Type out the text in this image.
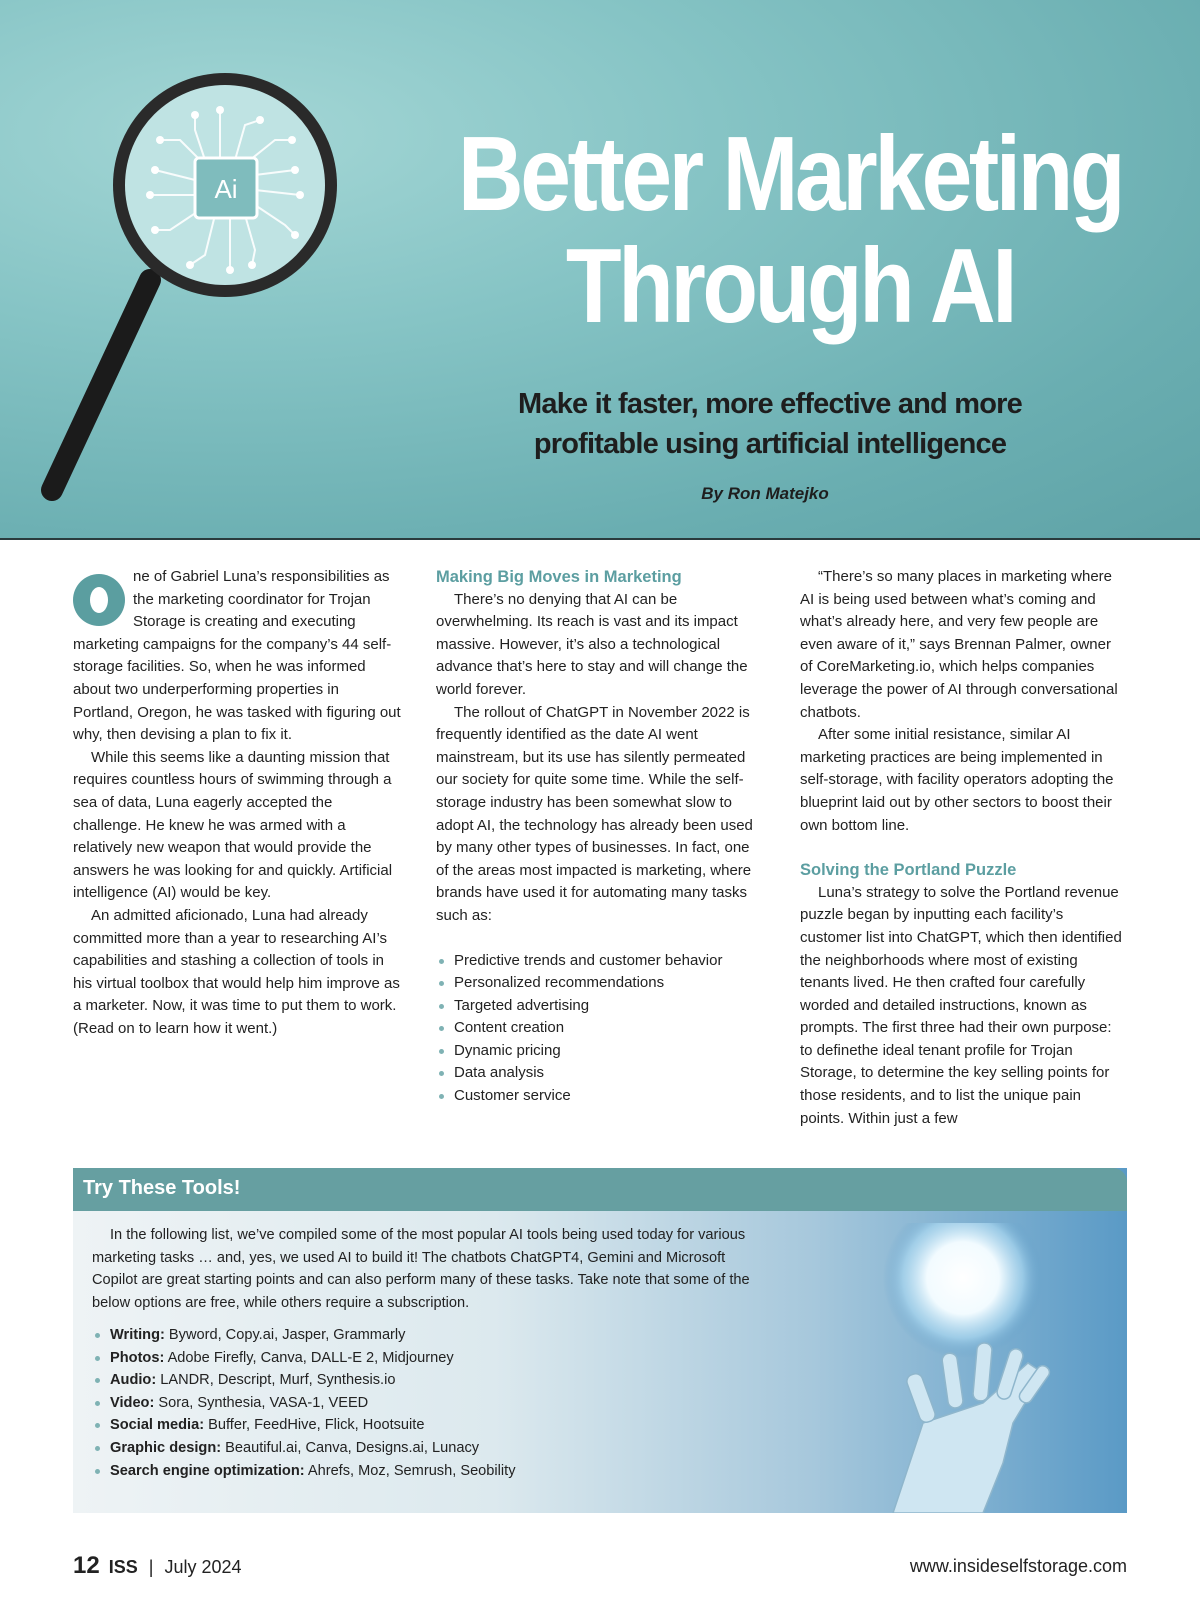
Ai Better Marketing
Through AI
Make it faster, more effective and more
profitable using artificial intelligence
By Ron Matejko

ne of Gabriel Luna’s responsibilities as the marketing coordinator for Trojan Storage is creating and executing marketing campaigns for the company’s 44 self-storage facilities. So, when he was informed about two underperforming properties in Portland, Oregon, he was tasked with figuring out why, then devising a plan to fix it.

While this seems like a daunting mission that requires countless hours of swimming through a sea of data, Luna eagerly accepted the challenge. He knew he was armed with a relatively new weapon that would provide the answers he was looking for and quickly. Artificial intelligence (AI) would be key.

An admitted aficionado, Luna had already committed more than a year to researching AI’s capabilities and stashing a collection of tools in his virtual toolbox that would help him improve as a marketer. Now, it was time to put them to work. (Read on to learn how it went.)

Making Big Moves in Marketing

There’s no denying that AI can be overwhelming. Its reach is vast and its impact massive. However, it’s also a technological advance that’s here to stay and will change the world forever.

The rollout of ChatGPT in November 2022 is frequently identified as the date AI went mainstream, but its use has silently permeated our society for quite some time. While the self-storage industry has been somewhat slow to adopt AI, the technology has already been used by many other types of businesses. In fact, one of the areas most impacted is marketing, where brands have used it for automating many tasks such as:

Predictive trends and customer behavior
Personalized recommendations
Targeted advertising
Content creation
Dynamic pricing
Data analysis
Customer service

“There’s so many places in marketing where AI is being used between what’s coming and what’s already here, and very few people are even aware of it,” says Brennan Palmer, owner of CoreMarketing.io, which helps companies leverage the power of AI through conversational chatbots.

After some initial resistance, similar AI marketing practices are being implemented in self-storage, with facility operators adopting the blueprint laid out by other sectors to boost their own bottom line.

Solving the Portland Puzzle

Luna’s strategy to solve the Portland revenue puzzle began by inputting each facility’s customer list into ChatGPT, which then identified the neighborhoods where most of existing tenants lived. He then crafted four carefully worded and detailed instructions, known as prompts. The first three had their own purpose: to definethe ideal tenant profile for Trojan Storage, to determine the key selling points for those residents, and to list the unique pain points. Within just a few

Try These Tools!

In the following list, we’ve compiled some of the most popular AI tools being used today for various marketing tasks … and, yes, we used AI to build it! The chatbots ChatGPT4, Gemini and Microsoft Copilot are great starting points and can also perform many of these tasks. Take note that some of the below options are free, while others require a subscription.

Writing: Byword, Copy.ai, Jasper, Grammarly
Photos: Adobe Firefly, Canva, DALL-E 2, Midjourney
Audio: LANDR, Descript, Murf, Synthesis.io
Video: Sora, Synthesia, VASA-1, VEED
Social media: Buffer, FeedHive, Flick, Hootsuite
Graphic design: Beautiful.ai, Canva, Designs.ai, Lunacy
Search engine optimization: Ahrefs, Moz, Semrush, Seobility
12 ISS | July 2024	www.insideselfstorage.com
